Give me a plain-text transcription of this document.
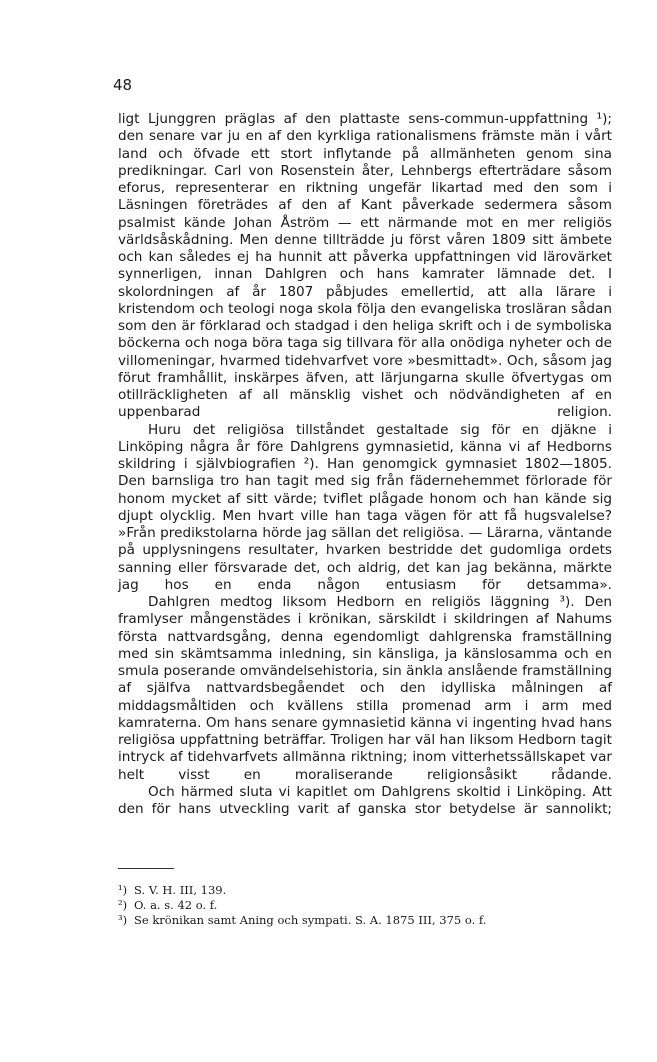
48

ligt Ljunggren präglas af den plattaste sens-commun-uppfattning ¹); den senare var ju en af den kyrkliga rationalismens främste män i vårt land och öfvade ett stort inflytande på allmänheten genom sina predikningar. Carl von Rosenstein åter, Lehnbergs efterträdare såsom eforus, representerar en riktning ungefär likartad med den som i Läsningen företrädes af den af Kant påverkade sedermera såsom psalmist kände Johan Åström — ett närmande mot en mer religiös världsåskådning. Men denne tillträdde ju först våren 1809 sitt ämbete och kan således ej ha hunnit att påverka uppfattningen vid lärovärket synnerligen, innan Dahlgren och hans kamrater lämnade det. I skolordningen af år 1807 påbjudes emellertid, att alla lärare i kristendom och teologi noga skola följa den evangeliska trosläran sådan som den är förklarad och stadgad i den heliga skrift och i de symboliska böckerna och noga böra taga sig tillvara för alla onödiga nyheter och de villomeningar, hvarmed tidehvarfvet vore »besmittadt». Och, såsom jag förut framhållit, inskärpes äfven, att lärjungarna skulle öfvertygas om otillräckligheten af all mänsklig vishet och nödvändigheten af en uppenbarad religion.

Huru det religiösa tillståndet gestaltade sig för en djäkne i Linköping några år före Dahlgrens gymnasietid, känna vi af Hedborns skildring i självbiografien ²). Han genomgick gymnasiet 1802—1805. Den barnsliga tro han tagit med sig från fädernehemmet förlorade för honom mycket af sitt värde; tviflet plågade honom och han kände sig djupt olycklig. Men hvart ville han taga vägen för att få hugsvalelse? »Från predikstolarna hörde jag sällan det religiösa. — Lärarna, väntande på upplysningens resultater, hvarken bestridde det gudomliga ordets sanning eller försvarade det, och aldrig, det kan jag bekänna, märkte jag hos en enda någon entusiasm för detsamma».

Dahlgren medtog liksom Hedborn en religiös läggning ³). Den framlyser mångenstädes i krönikan, särskildt i skildringen af Nahums första nattvardsgång, denna egendomligt dahlgrenska framställning med sin skämtsamma inledning, sin känsliga, ja känslosamma och en smula poserande omvändelsehistoria, sin änkla anslående framställning af själfva nattvardsbegåendet och den idylliska målningen af middagsmåltiden och kvällens stilla promenad arm i arm med kamraterna. Om hans senare gymnasietid känna vi ingenting hvad hans religiösa uppfattning beträffar. Troligen har väl han liksom Hedborn tagit intryck af tidehvarfvets allmänna riktning; inom vitterhetssällskapet var helt visst en moraliserande religionsåsikt rådande.

Och härmed sluta vi kapitlet om Dahlgrens skoltid i Linköping. Att den för hans utveckling varit af ganska stor betydelse är sannolikt;

¹) S. V. H. III, 139.
²) O. a. s. 42 o. f.
³) Se krönikan samt Aning och sympati. S. A. 1875 III, 375 o. f.
